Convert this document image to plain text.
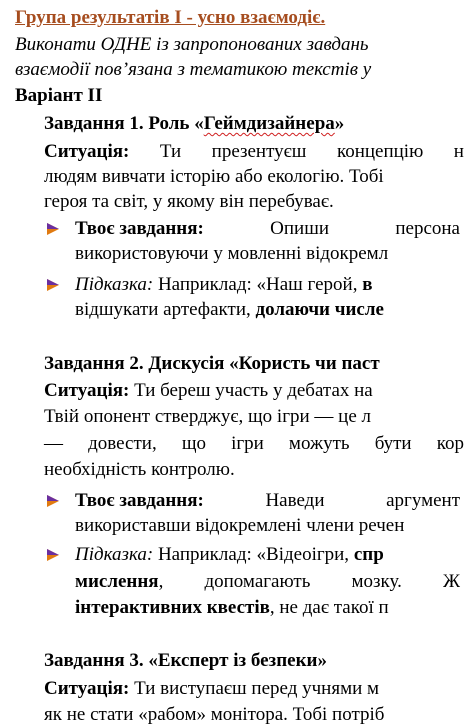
Група результатів І - усно взаємодіє.
Виконати ОДНЕ із запропонованих завдань
взаємодії пов’язана з тематикою текстів у
Варіант ІІ
Завдання 1. Роль «Геймдизайнера»
Ситуація: Ти презентуєш концепцію н
людям вивчати історію або екологію. Тобі
героя та світ, у якому він перебуває.
Твоє завдання:	Опиши	персона
використовуючи у мовленні відокремл
Підказка: Наприклад: «Наш герой, в
відшукати артефакти, долаючи числе
Завдання 2. Дискусія «Користь чи паст
Ситуація: Ти береш участь у дебатах на
Твій опонент стверджує, що ігри — це л
— довести, що ігри можуть бути кор
необхідність контролю.
Твоє завдання:	Наведи	аргумент
використавши відокремлені члени речен
Підказка: Наприклад: «Відеоігри, спр
мислення, допомагають мозку. Ж
інтерактивних квестів, не дає такої п
Завдання 3. «Експерт із безпеки»
Ситуація: Ти виступаєш перед учнями м
як не стати «рабом» монітора. Тобі потріб
